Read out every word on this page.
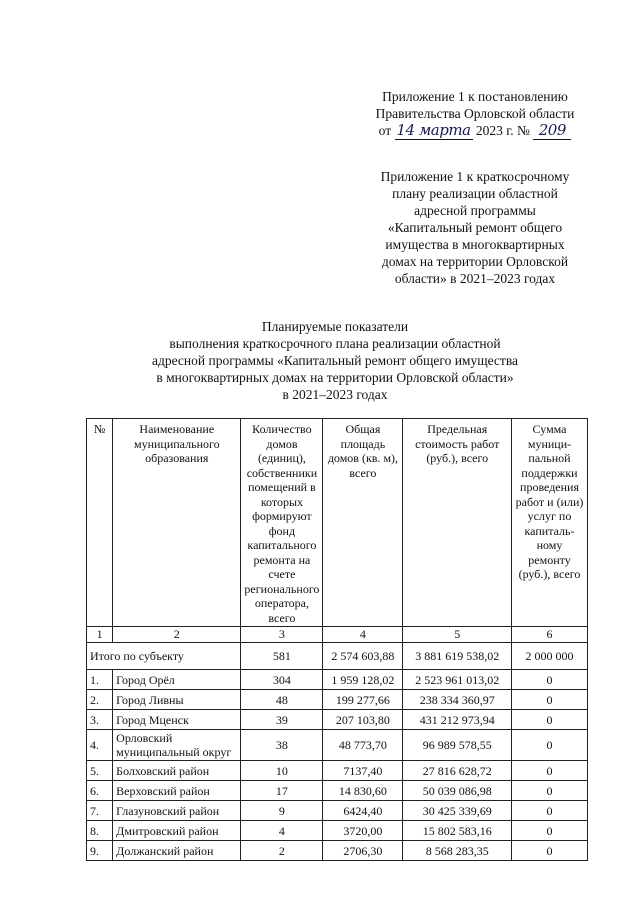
Приложение 1 к постановлению
Правительства Орловской области
от 14 марта 2023 г. № 209
Приложение 1 к краткосрочному
плану реализации областной
адресной программы
«Капитальный ремонт общего
имущества в многоквартирных
домах на территории Орловской
области» в 2021–2023 годах
Планируемые показатели
выполнения краткосрочного плана реализации областной
адресной программы «Капитальный ремонт общего имущества
в многоквартирных домах на территории Орловской области»
в 2021–2023 годах
№	Наименование муниципального образования	Количество домов (единиц), собственники помещений в которых формируют фонд капитального ремонта на счете регионального оператора, всего	Общая площадь домов (кв. м), всего	Предельная стоимость работ (руб.), всего	Сумма муници-пальной поддержки проведения работ и (или) услуг по капиталь-ному ремонту (руб.), всего
1	2	3	4	5	6
Итого по субъекту		581	2 574 603,88	3 881 619 538,02	2 000 000
1.	Город Орёл	304	1 959 128,02	2 523 961 013,02	0
2.	Город Ливны	48	199 277,66	238 334 360,97	0
3.	Город Мценск	39	207 103,80	431 212 973,94	0
4.	Орловский муниципальный округ	38	48 773,70	96 989 578,55	0
5.	Болховский район	10	7137,40	27 816 628,72	0
6.	Верховский район	17	14 830,60	50 039 086,98	0
7.	Глазуновский район	9	6424,40	30 425 339,69	0
8.	Дмитровский район	4	3720,00	15 802 583,16	0
9.	Должанский район	2	2706,30	8 568 283,35	0
